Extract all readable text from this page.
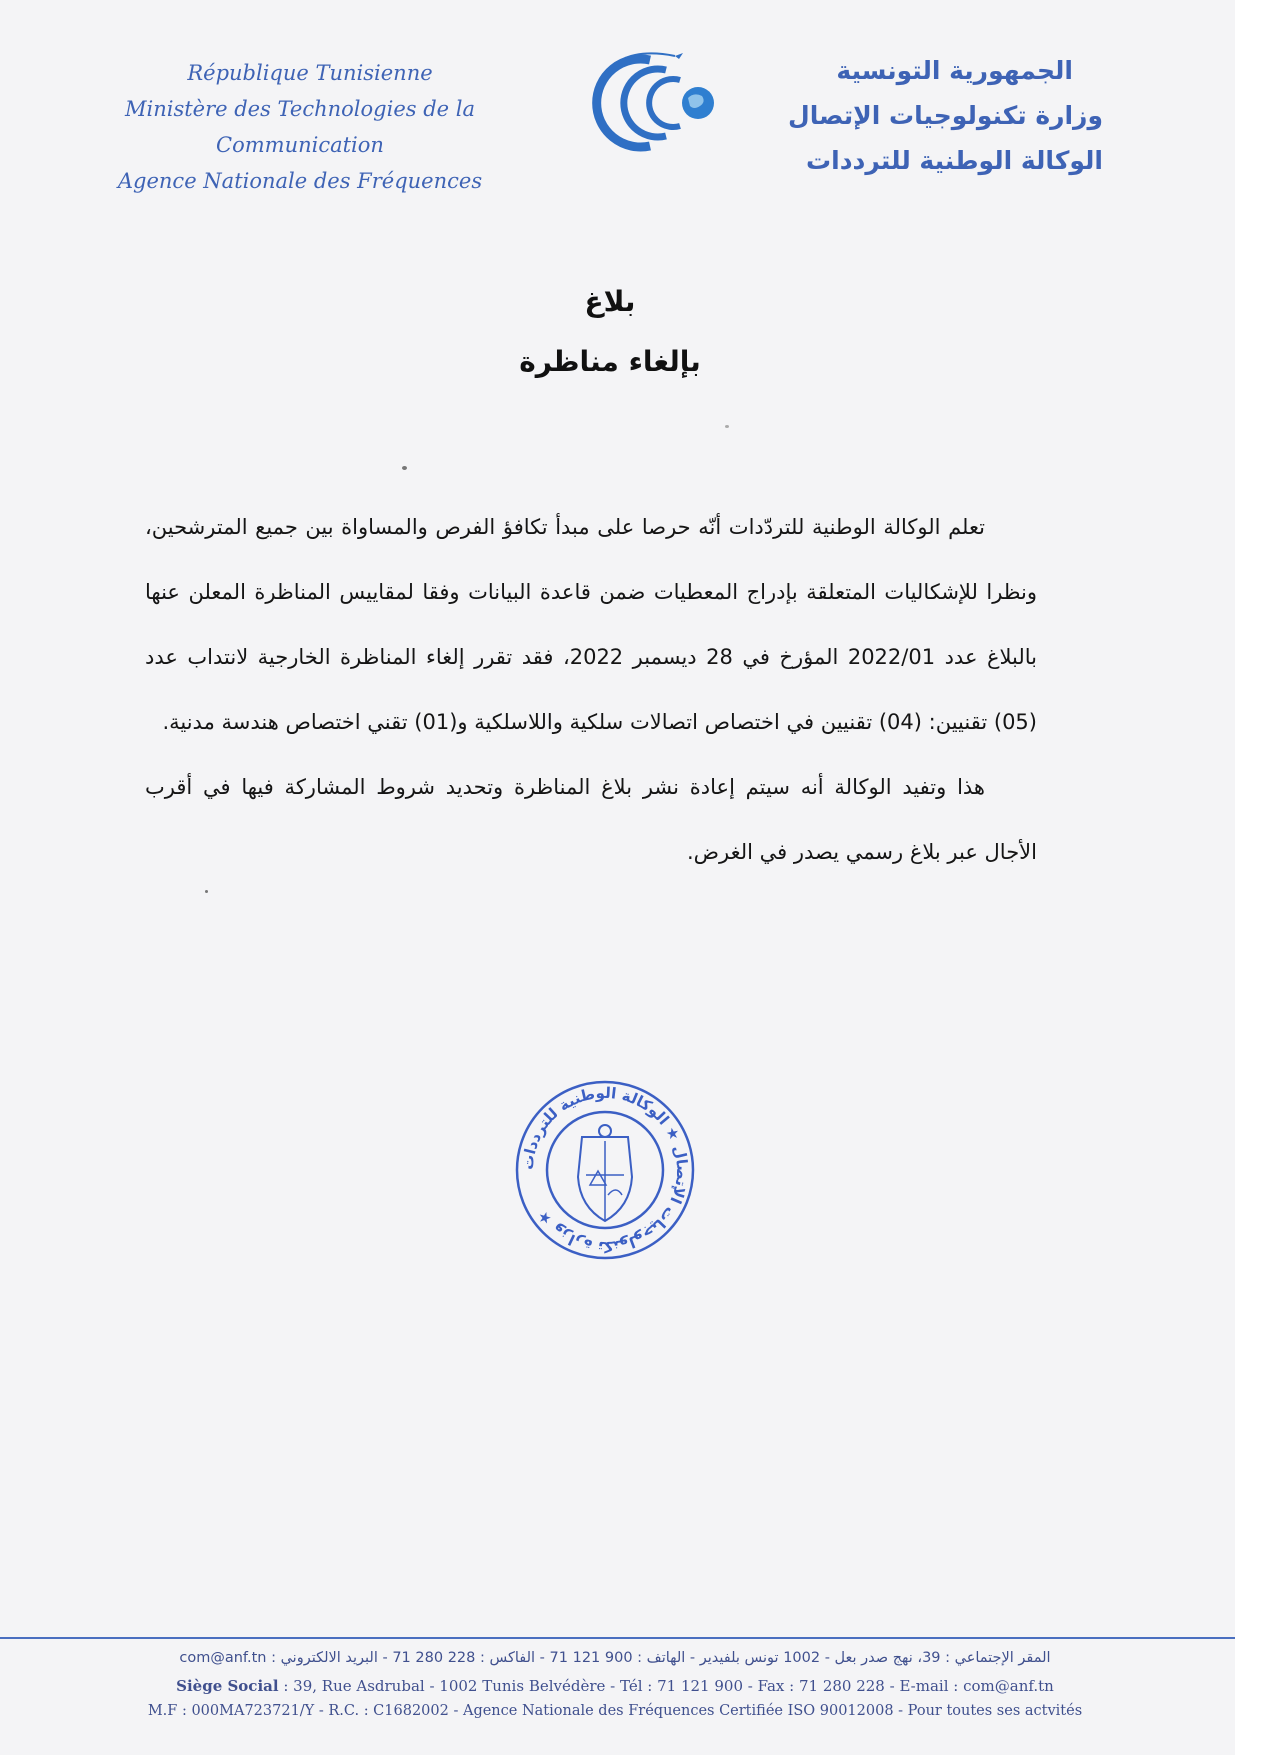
République Tunisienne
Ministère des Technologies de la Communication
Agence Nationale des Fréquences
الجمهورية التونسية
وزارة تكنولوجيات الإتصال
الوكالة الوطنية للترددات
بلاغ
بإلغاء مناظرة

تعلم الوكالة الوطنية للتردّدات أنّه حرصا على مبدأ تكافؤ الفرص والمساواة بين جميع المترشحين، ونظرا للإشكاليات المتعلقة بإدراج المعطيات ضمن قاعدة البيانات وفقا لمقاييس المناظرة المعلن عنها بالبلاغ عدد 2022/01 المؤرخ في 28 ديسمبر 2022، فقد تقرر إلغاء المناظرة الخارجية لانتداب عدد (05) تقنيين: (04) تقنيين في اختصاص اتصالات سلكية واللاسلكية و(01) تقني اختصاص هندسة مدنية.

هذا وتفيد الوكالة أنه سيتم إعادة نشر بلاغ المناظرة وتحديد شروط المشاركة فيها في أقرب الأجال عبر بلاغ رسمي يصدر في الغرض.

وزارة تكنولوجيات الإتصال ★ الوكالة الوطنية للترددات ★
المقر الإجتماعي : 39، نهج صدر بعل - 1002 تونس بلفيدير - الهاتف : 900 121 71 - الفاكس : 228 280 71 - البريد الالكتروني : com@anf.tn
Siège Social : 39, Rue Asdrubal - 1002 Tunis Belvédère - Tél : 71 121 900 - Fax : 71 280 228 - E-mail : com@anf.tn
M.F : 000MA723721/Y - R.C. : C1682002 - Agence Nationale des Fréquences Certifiée ISO 90012008 - Pour toutes ses actvités
